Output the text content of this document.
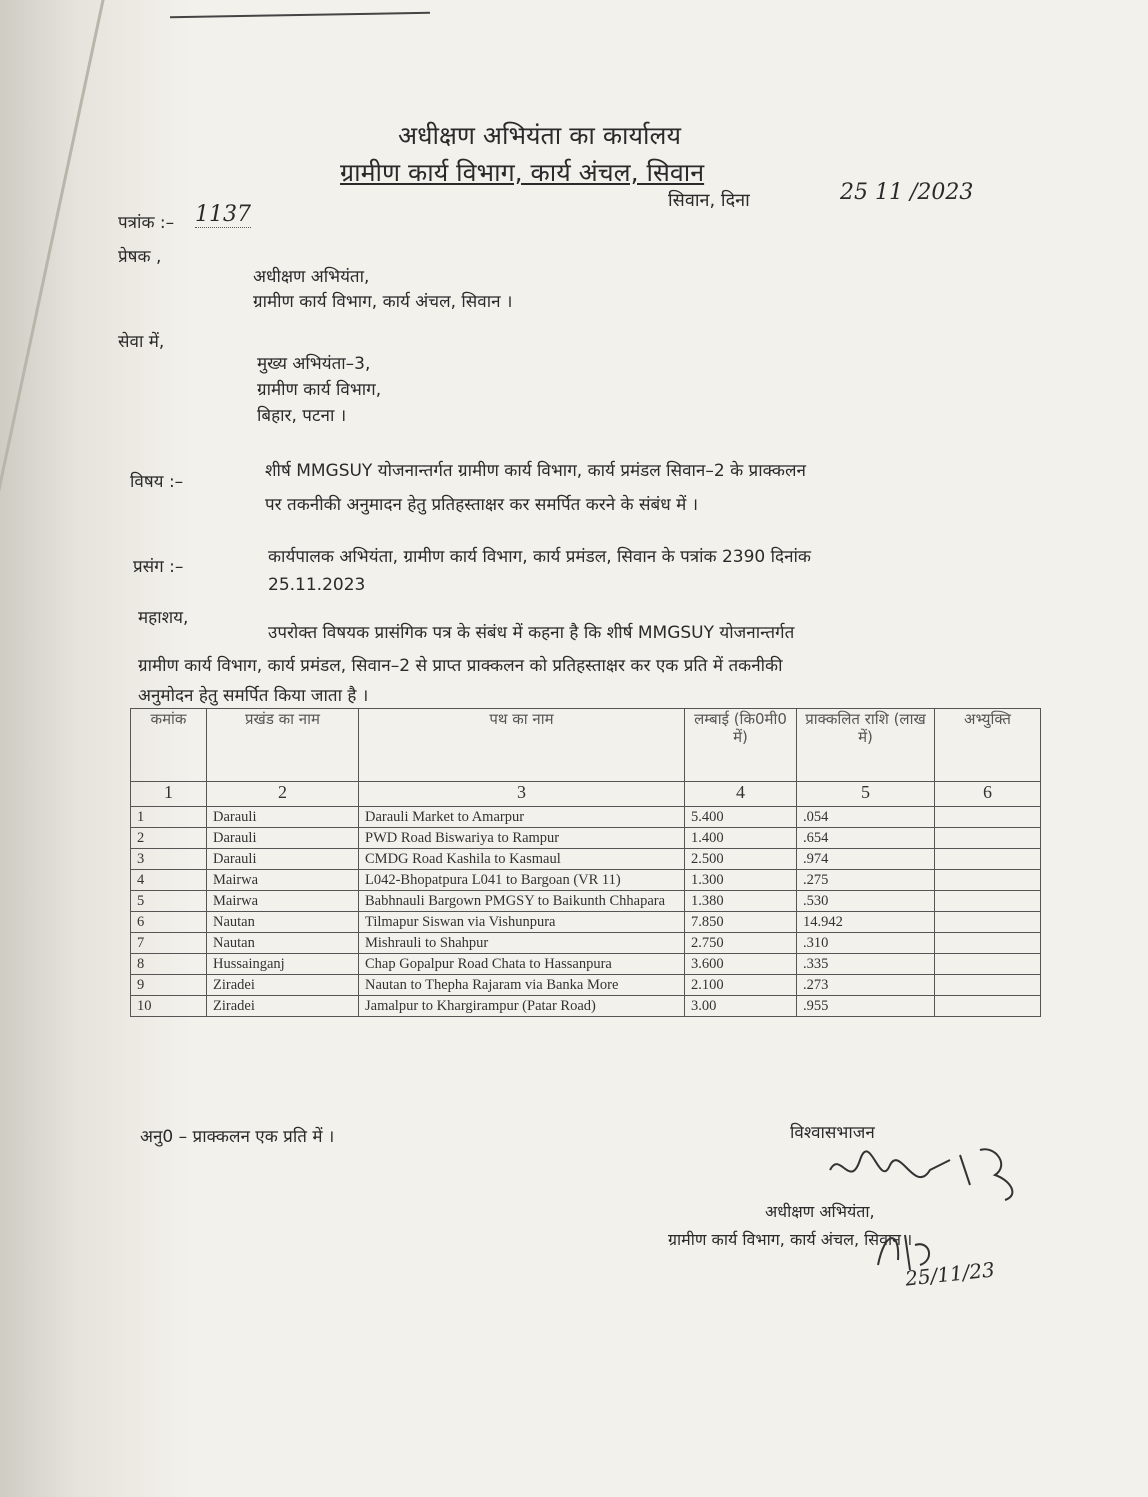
अधीक्षण अभियंता का कार्यालय
ग्रामीण कार्य विभाग, कार्य अंचल, सिवान
सिवान, दिना	25 11 /2023
पत्रांक :– 1137
प्रेषक ,
अधीक्षण अभियंता,
ग्रामीण कार्य विभाग, कार्य अंचल, सिवान ।
सेवा में,
मुख्य अभियंता–3,
ग्रामीण कार्य विभाग,
बिहार, पटना ।
विषय :–
शीर्ष MMGSUY योजनान्तर्गत ग्रामीण कार्य विभाग, कार्य प्रमंडल सिवान–2 के प्राक्कलन
पर तकनीकी अनुमादन हेतु प्रतिहस्ताक्षर कर समर्पित करने के संबंध में ।
प्रसंग :–	कार्यपालक अभियंता, ग्रामीण कार्य विभाग, कार्य प्रमंडल, सिवान के पत्रांक 2390 दिनांक
25.11.2023
महाशय,
उपरोक्त विषयक प्रासंगिक पत्र के संबंध में कहना है कि शीर्ष MMGSUY योजनान्तर्गत
ग्रामीण कार्य विभाग, कार्य प्रमंडल, सिवान–2 से प्राप्त प्राक्कलन को प्रतिहस्ताक्षर कर एक प्रति में तकनीकी
अनुमोदन हेतु समर्पित किया जाता है ।
कमांक	प्रखंड का नाम	पथ का नाम	लम्बाई (कि0मी0 में)	प्राक्कलित राशि (लाख में)	अभ्युक्ति
1	2	3	4	5	6
1	Darauli	Darauli Market to Amarpur	5.400	.054	
2	Darauli	PWD Road Biswariya to Rampur	1.400	.654	
3	Darauli	CMDG Road Kashila to Kasmaul	2.500	.974	
4	Mairwa	L042-Bhopatpura L041 to Bargoan (VR 11)	1.300	.275	
5	Mairwa	Babhnauli Bargown PMGSY to Baikunth Chhapara	1.380	.530	
6	Nautan	Tilmapur Siswan via Vishunpura	7.850	14.942	
7	Nautan	Mishrauli to Shahpur	2.750	.310	
8	Hussainganj	Chap Gopalpur Road Chata to Hassanpura	3.600	.335	
9	Ziradei	Nautan to Thepha Rajaram via Banka More	2.100	.273	
10	Ziradei	Jamalpur to Khargirampur (Patar Road)	3.00	.955	
अनु0 – प्राक्कलन एक प्रति में ।	विश्वासभाजन
अधीक्षण अभियंता,
ग्रामीण कार्य विभाग, कार्य अंचल, सिवान ।
25/11/23
